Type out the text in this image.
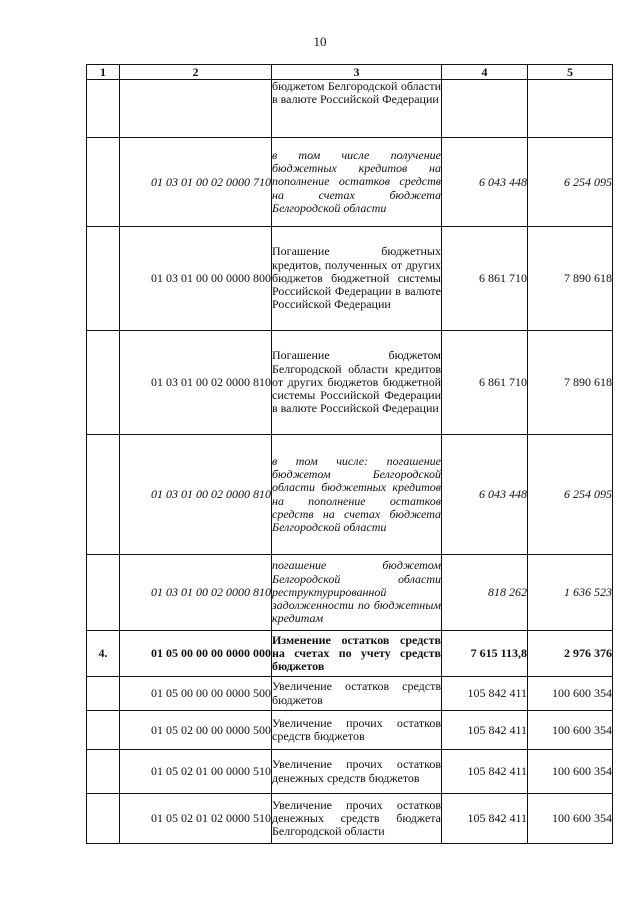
10
1	2	3	4	5
		бюджетом Белгородской области в валюте Российской Федерации		
	01 03 01 00 02 0000 710	в том числе получение бюджетных кредитов на пополнение остатков средств на счетах бюджета Белгородской области	6 043 448	6 254 095
	01 03 01 00 00 0000 800	Погашение бюджетных кредитов, полученных от других бюджетов бюджетной системы Российской Федерации в валюте Российской Федерации	6 861 710	7 890 618
	01 03 01 00 02 0000 810	Погашение бюджетом Белгородской области кредитов от других бюджетов бюджетной системы Российской Федерации в валюте Российской Федерации	6 861 710	7 890 618
	01 03 01 00 02 0000 810	в том числе: погашение бюджетом Белгородской области бюджетных кредитов на пополнение остатков средств на счетах бюджета Белгородской области	6 043 448	6 254 095
	01 03 01 00 02 0000 810	погашение бюджетом Белгородской области реструктурированной задолженности по бюджетным кредитам	818 262	1 636 523
4.	01 05 00 00 00 0000 000	Изменение остатков средств на счетах по учету средств бюджетов	7 615 113,8	2 976 376
	01 05 00 00 00 0000 500	Увеличение остатков средств бюджетов	105 842 411	100 600 354
	01 05 02 00 00 0000 500	Увеличение прочих остатков средств бюджетов	105 842 411	100 600 354
	01 05 02 01 00 0000 510	Увеличение прочих остатков денежных средств бюджетов	105 842 411	100 600 354
	01 05 02 01 02 0000 510	Увеличение прочих остатков денежных средств бюджета Белгородской области	105 842 411	100 600 354
